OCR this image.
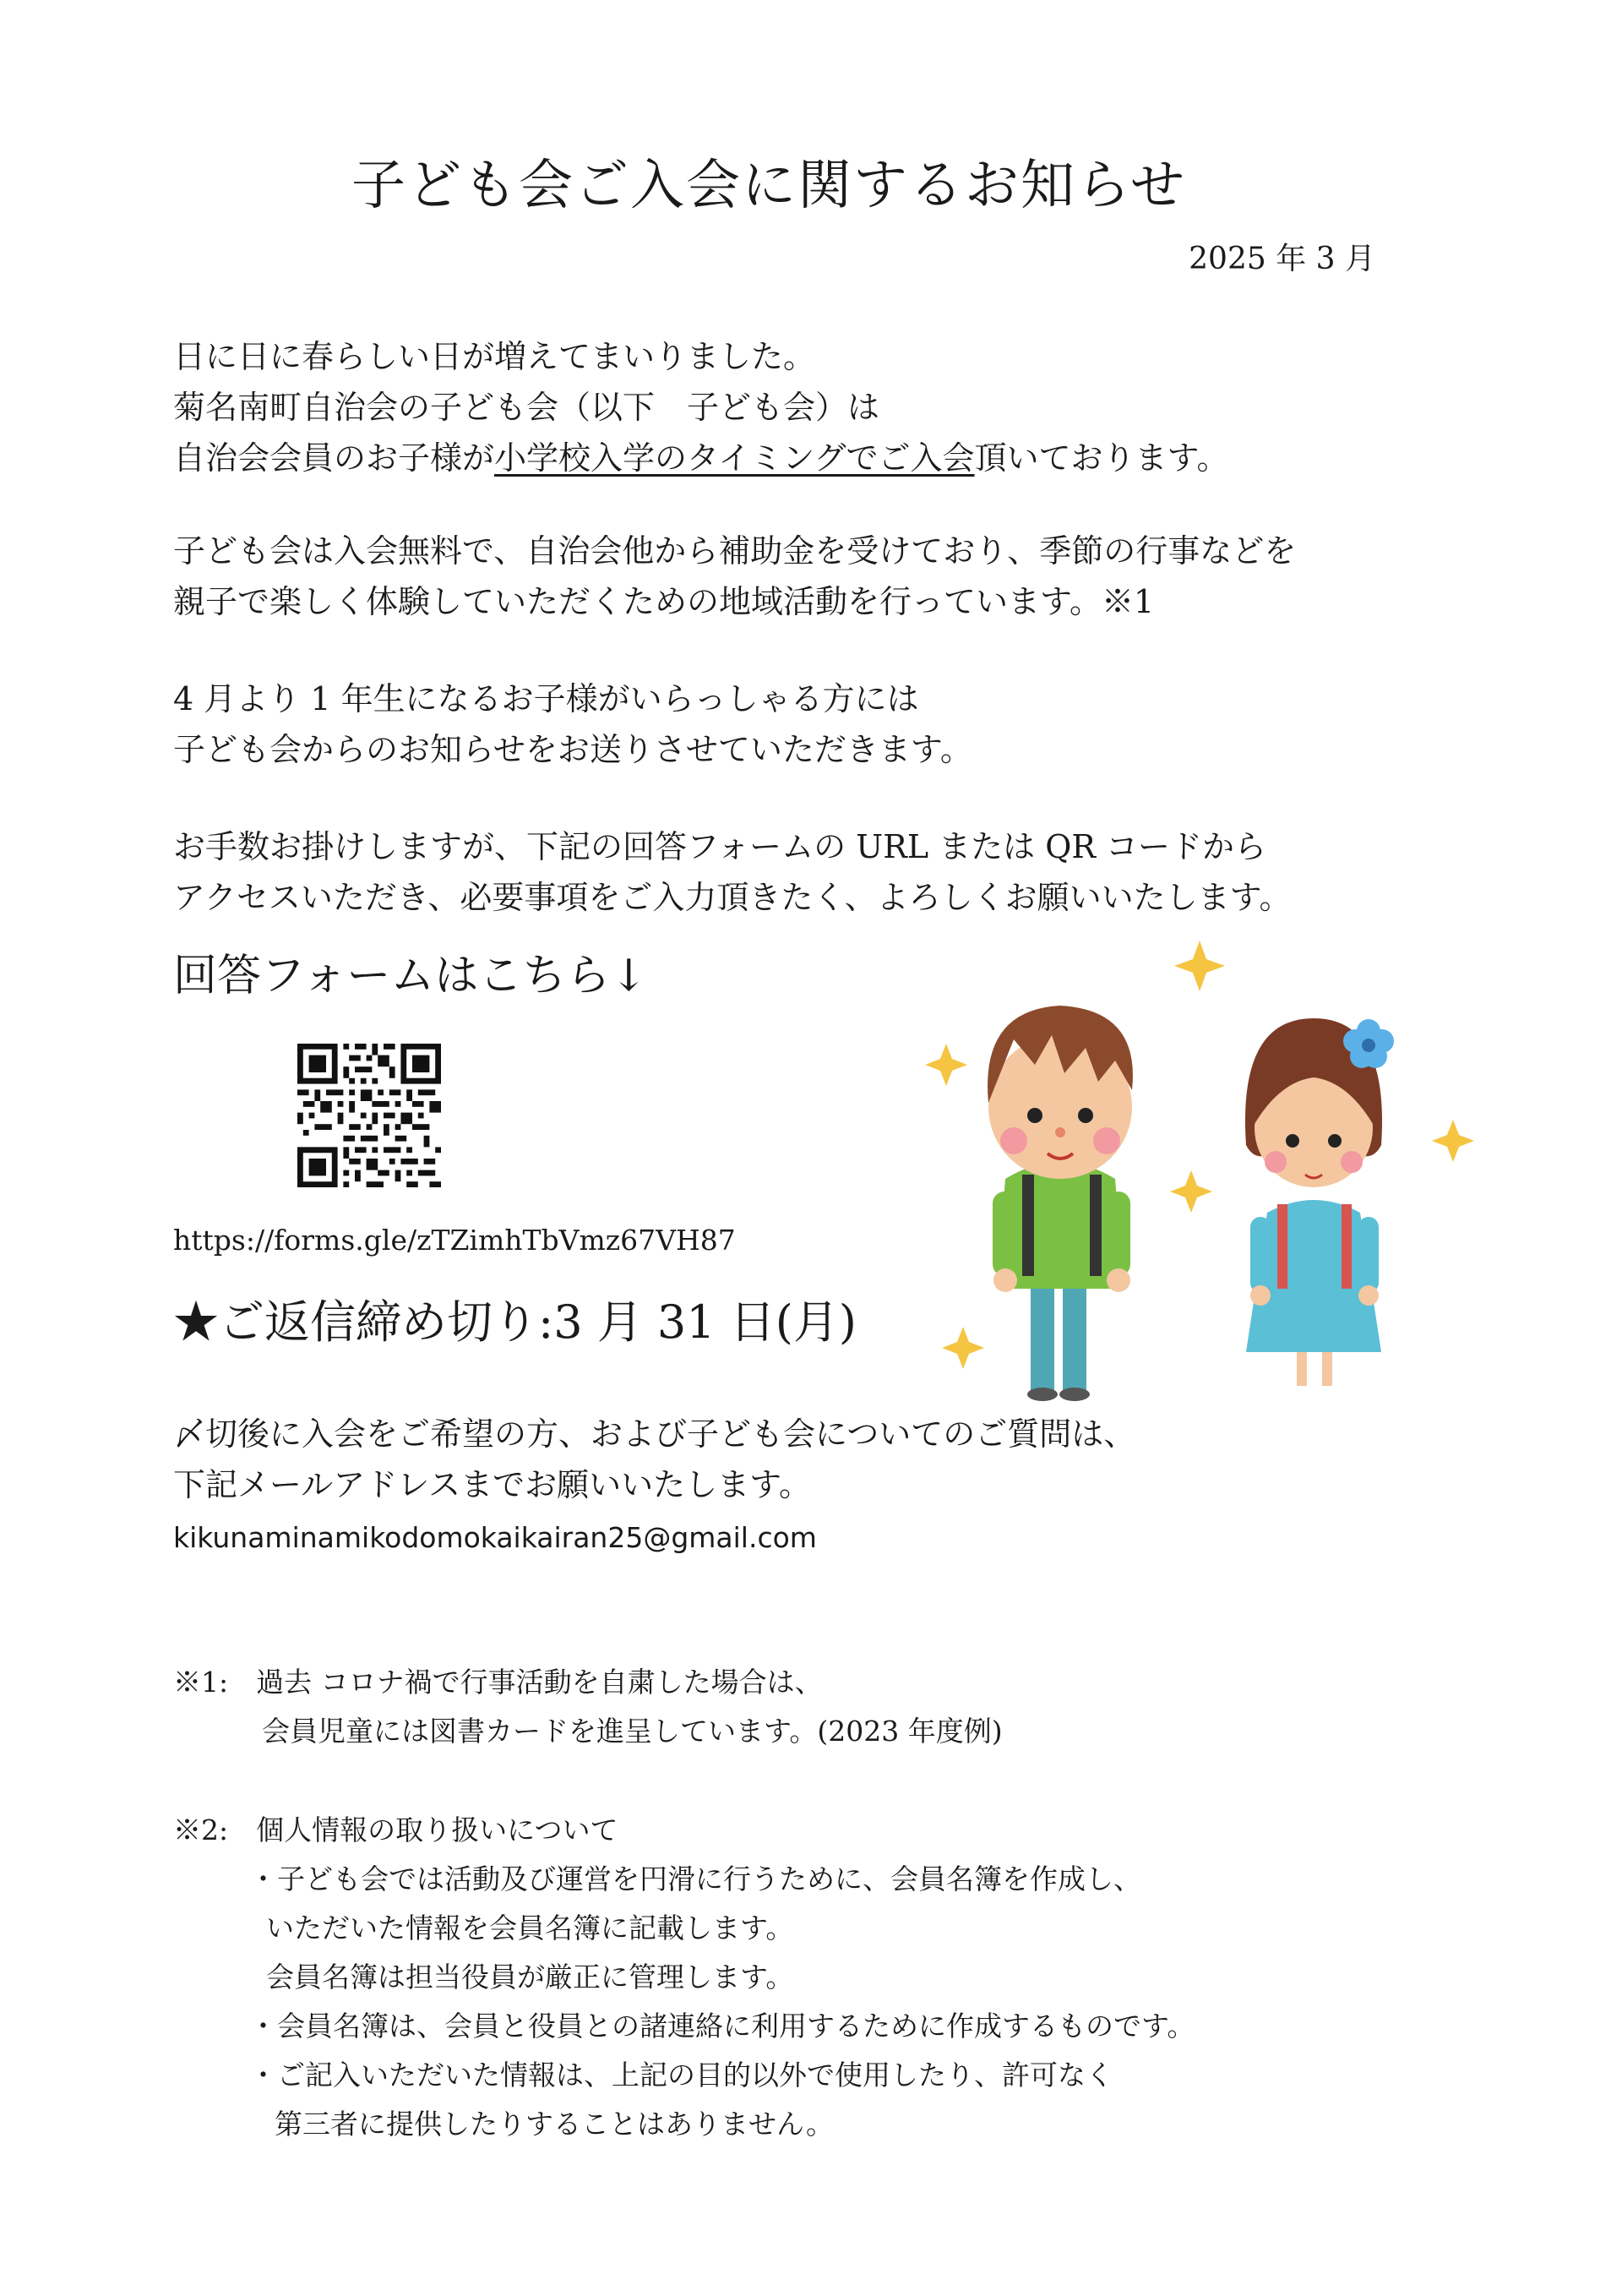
子ども会ご入会に関するお知らせ
2025 年 3 月
日に日に春らしい日が増えてまいりました。
菊名南町自治会の子ども会（以下　子ども会）は
自治会会員のお子様が小学校入学のタイミングでご入会頂いております。
子ども会は入会無料で、自治会他から補助金を受けており、季節の行事などを
親子で楽しく体験していただくための地域活動を行っています。※1
4 月より 1 年生になるお子様がいらっしゃる方には
子ども会からのお知らせをお送りさせていただきます。
お手数お掛けしますが、下記の回答フォームの URL または QR コードから
アクセスいただき、必要事項をご入力頂きたく、よろしくお願いいたします。
回答フォームはこちら↓
https://forms.gle/zTZimhTbVmz67VH87
★ご返信締め切り:3 月 31 日(月)
〆切後に入会をご希望の方、および子ども会についてのご質問は、
下記メールアドレスまでお願いいたします。
kikunaminamikodomokaikairan25@gmail.com
※1:　過去 コロナ禍で行事活動を自粛した場合は、
会員児童には図書カードを進呈しています。(2023 年度例)
※2:　個人情報の取り扱いについて
・子ども会では活動及び運営を円滑に行うために、会員名簿を作成し、
いただいた情報を会員名簿に記載します。
会員名簿は担当役員が厳正に管理します。
・会員名簿は、会員と役員との諸連絡に利用するために作成するものです。
・ご記入いただいた情報は、上記の目的以外で使用したり、許可なく
第三者に提供したりすることはありません。
